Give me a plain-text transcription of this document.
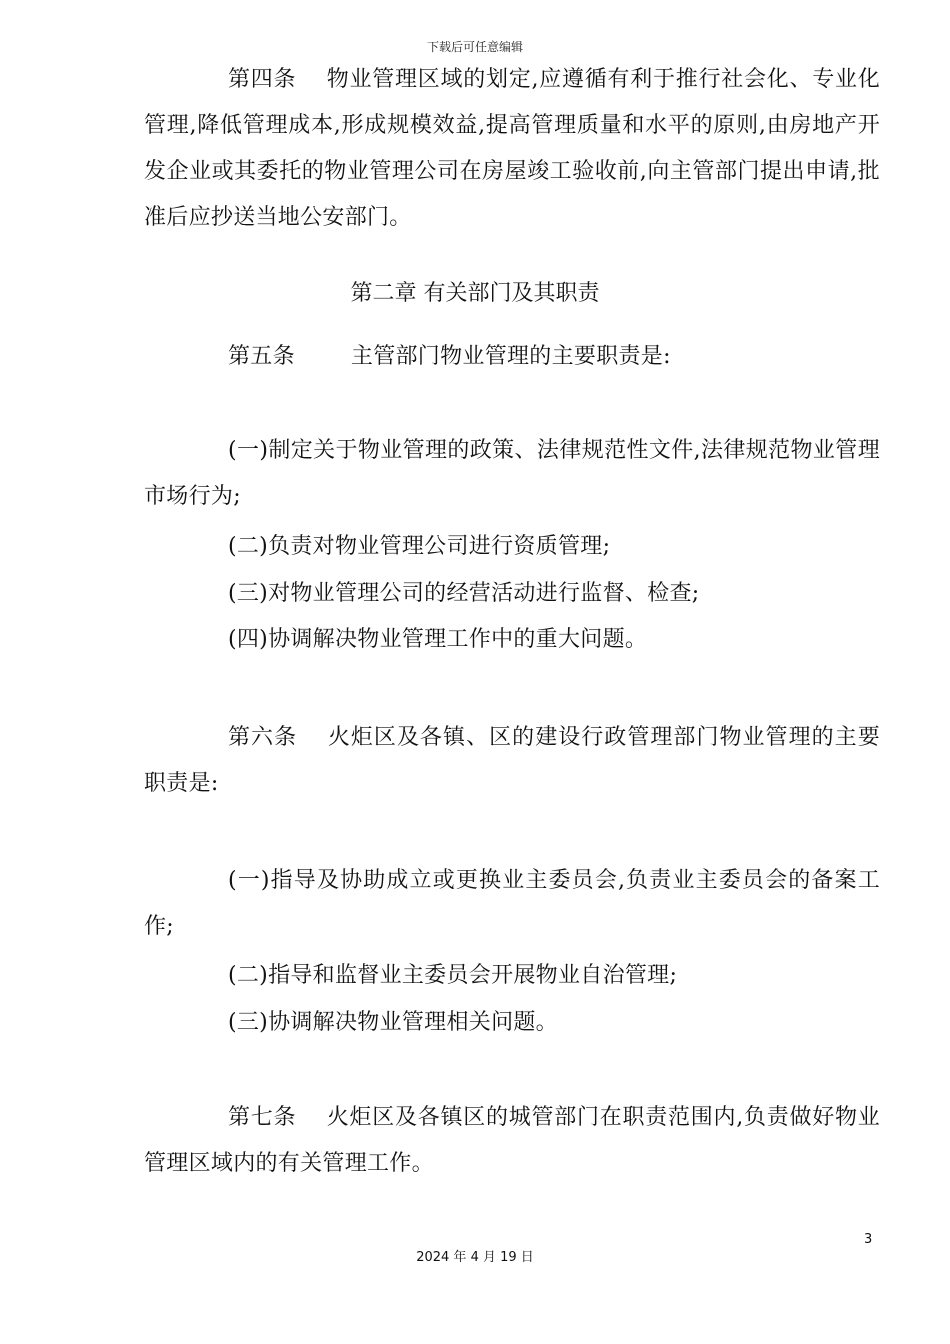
下载后可任意编辑

第四条 物业管理区域的划定,应遵循有利于推行社会化、专业化管理,降低管理成本,形成规模效益,提高管理质量和水平的原则,由房地产开发企业或其委托的物业管理公司在房屋竣工验收前,向主管部门提出申请,批准后应抄送当地公安部门。

第二章 有关部门及其职责

第五条	主管部门物业管理的主要职责是:

(一)制定关于物业管理的政策、法律规范性文件,法律规范物业管理市场行为;

(二)负责对物业管理公司进行资质管理;

(三)对物业管理公司的经营活动进行监督、检查;

(四)协调解决物业管理工作中的重大问题。

第六条 火炬区及各镇、区的建设行政管理部门物业管理的主要职责是:

(一)指导及协助成立或更换业主委员会,负责业主委员会的备案工作;

(二)指导和监督业主委员会开展物业自治管理;

(三)协调解决物业管理相关问题。

第七条 火炬区及各镇区的城管部门在职责范围内,负责做好物业管理区域内的有关管理工作。

3
2024 年 4 月 19 日
